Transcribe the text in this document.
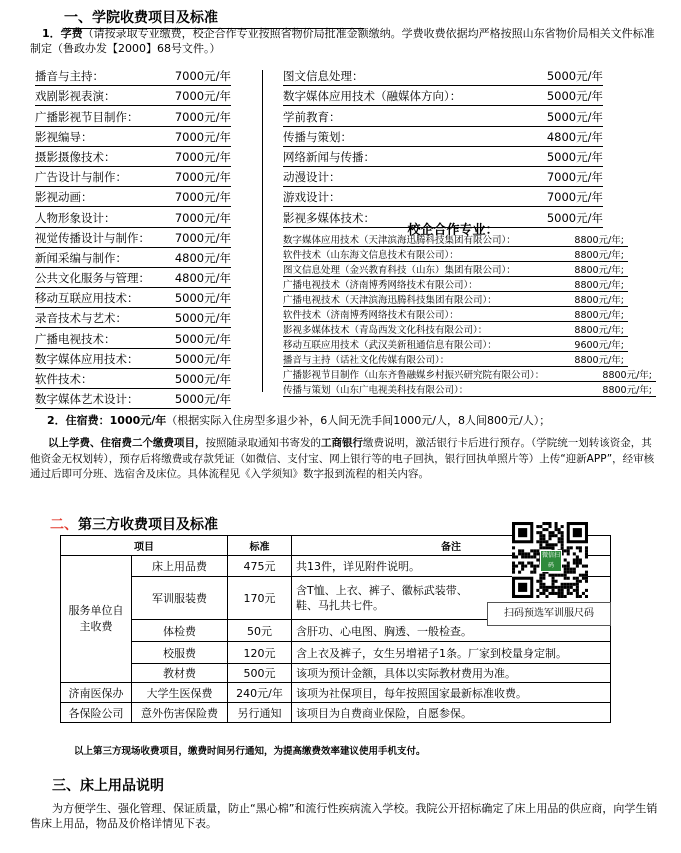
一、学院收费项目及标准
1．学费（请按录取专业缴费，校企合作专业按照省物价局批准金额缴纳。学费收费依据均严格按照山东省物价局相关文件标准制定（鲁政办发【2000】68号文件。）
播音与主持：	7000元/年
戏剧影视表演：	7000元/年
广播影视节目制作：	7000元/年
影视编导：	7000元/年
摄影摄像技术：	7000元/年
广告设计与制作：	7000元/年
影视动画：	7000元/年
人物形象设计：	7000元/年
视觉传播设计与制作： 7000元/年
新闻采编与制作：	4800元/年
公共文化服务与管理： 4800元/年
移动互联应用技术：	5000元/年
录音技术与艺术：	5000元/年
广播电视技术：	5000元/年
数字媒体应用技术：	5000元/年
软件技术：	5000元/年
数字媒体艺术设计：	5000元/年
图文信息处理：	5000元/年
数字媒体应用技术（融媒体方向）：	5000元/年
学前教育：	5000元/年
传播与策划：	4800元/年
网络新闻与传播：	5000元/年
动漫设计：	7000元/年
游戏设计：	7000元/年
影视多媒体技术：	5000元/年
校企合作专业：
数字媒体应用技术（天津滨海迅腾科技集团有限公司）：	8800元/年;
软件技术（山东海文信息技术有限公司）：	8800元/年;
图文信息处理（金兴教育科技（山东）集团有限公司）：	8800元/年;
广播电视技术（济南博秀网络技术有限公司）：	8800元/年;
广播电视技术（天津滨海迅腾科技集团有限公司）：	8800元/年;
软件技术（济南博秀网络技术有限公司）：	8800元/年;
影视多媒体技术（青岛西发文化科技有限公司）：	8800元/年;
移动互联应用技术（武汉美新租通信息有限公司）：	9600元/年;
播音与主持（话社文化传媒有限公司）：	8800元/年;
广播影视节目制作（山东齐鲁融媒乡村振兴研究院有限公司）：	8800元/年;
传播与策划（山东广电视美科技有限公司）：	8800元/年;
2．住宿费：1000元/年（根据实际入住房型多退少补，6人间无洗手间1000元/人，8人间800元/人）；
以上学费、住宿费二个缴费项目，按照随录取通知书寄发的工商银行缴费说明，激活银行卡后进行预存。（学院统一划转该资金，其他资金无权划转），预存后将缴费或存款凭证（如微信、支付宝、网上银行等的电子回执，银行回执单照片等）上传“迎新APP”，经审核通过后即可分班、选宿舍及床位。具体流程见《入学须知》数字报到流程的相关内容。
二、第三方收费项目及标准
项目		标准	备注
服务单位自主收费	床上用品费	475元	共13件，详见附件说明。
	军训服装费	170元	含T恤、上衣、裤子、徽标武装带、鞋、马扎共七件。
	体检费	50元	含肝功、心电图、胸透、一般检查。
	校服费	120元	含上衣及裤子，女生另增裙子1条。厂家到校量身定制。
	教材费	500元	该项为预计金额，具体以实际教材费用为准。
济南医保办	大学生医保费	240元/年	该项为社保项目，每年按照国家最新标准收费。
各保险公司	意外伤害保险费	另行通知	该项目为自费商业保险，自愿参保。
微信扫码
扫码预选军训服尺码
以上第三方现场收费项目，缴费时间另行通知，为提高缴费效率建议使用手机支付。
三、床上用品说明
为方便学生、强化管理、保证质量，防止“黑心棉”和流行性疾病流入学校。我院公开招标确定了床上用品的供应商，向学生销售床上用品，物品及价格详情见下表。
